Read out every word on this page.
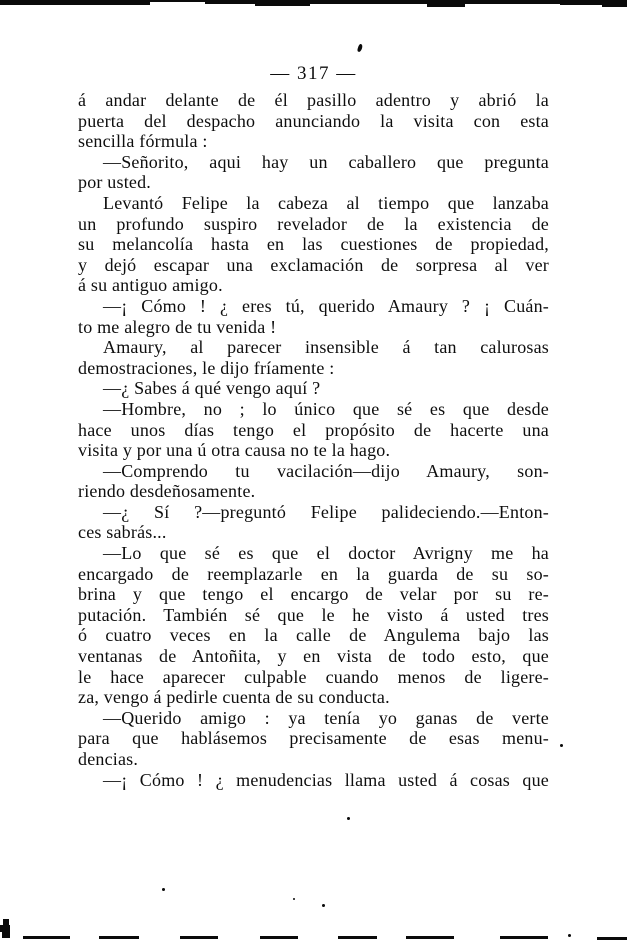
— 317 —
á andar delante de él pasillo adentro y abrió la
puerta del despacho anunciando la visita con esta
sencilla fórmula :
—Señorito, aqui hay un caballero que pregunta
por usted.
Levantó Felipe la cabeza al tiempo que lanzaba
un profundo suspiro revelador de la existencia de
su melancolía hasta en las cuestiones de propiedad,
y dejó escapar una exclamación de sorpresa al ver
á su antiguo amigo.
—¡ Cómo ! ¿ eres tú, querido Amaury ? ¡ Cuán-
to me alegro de tu venida !
Amaury, al parecer insensible á tan calurosas
demostraciones, le dijo fríamente :
—¿ Sabes á qué vengo aquí ?
—Hombre, no ; lo único que sé es que desde
hace unos días tengo el propósito de hacerte una
visita y por una ú otra causa no te la hago.
—Comprendo tu vacilación—dijo Amaury, son-
riendo desdeñosamente.
—¿ Sí ?—preguntó Felipe palideciendo.—Enton-
ces sabrás...
—Lo que sé es que el doctor Avrigny me ha
encargado de reemplazarle en la guarda de su so-
brina y que tengo el encargo de velar por su re-
putación. También sé que le he visto á usted tres
ó cuatro veces en la calle de Angulema bajo las
ventanas de Antoñita, y en vista de todo esto, que
le hace aparecer culpable cuando menos de ligere-
za, vengo á pedirle cuenta de su conducta.
—Querido amigo : ya tenía yo ganas de verte
para que hablásemos precisamente de esas menu-
dencias.
—¡ Cómo ! ¿ menudencias llama usted á cosas que
